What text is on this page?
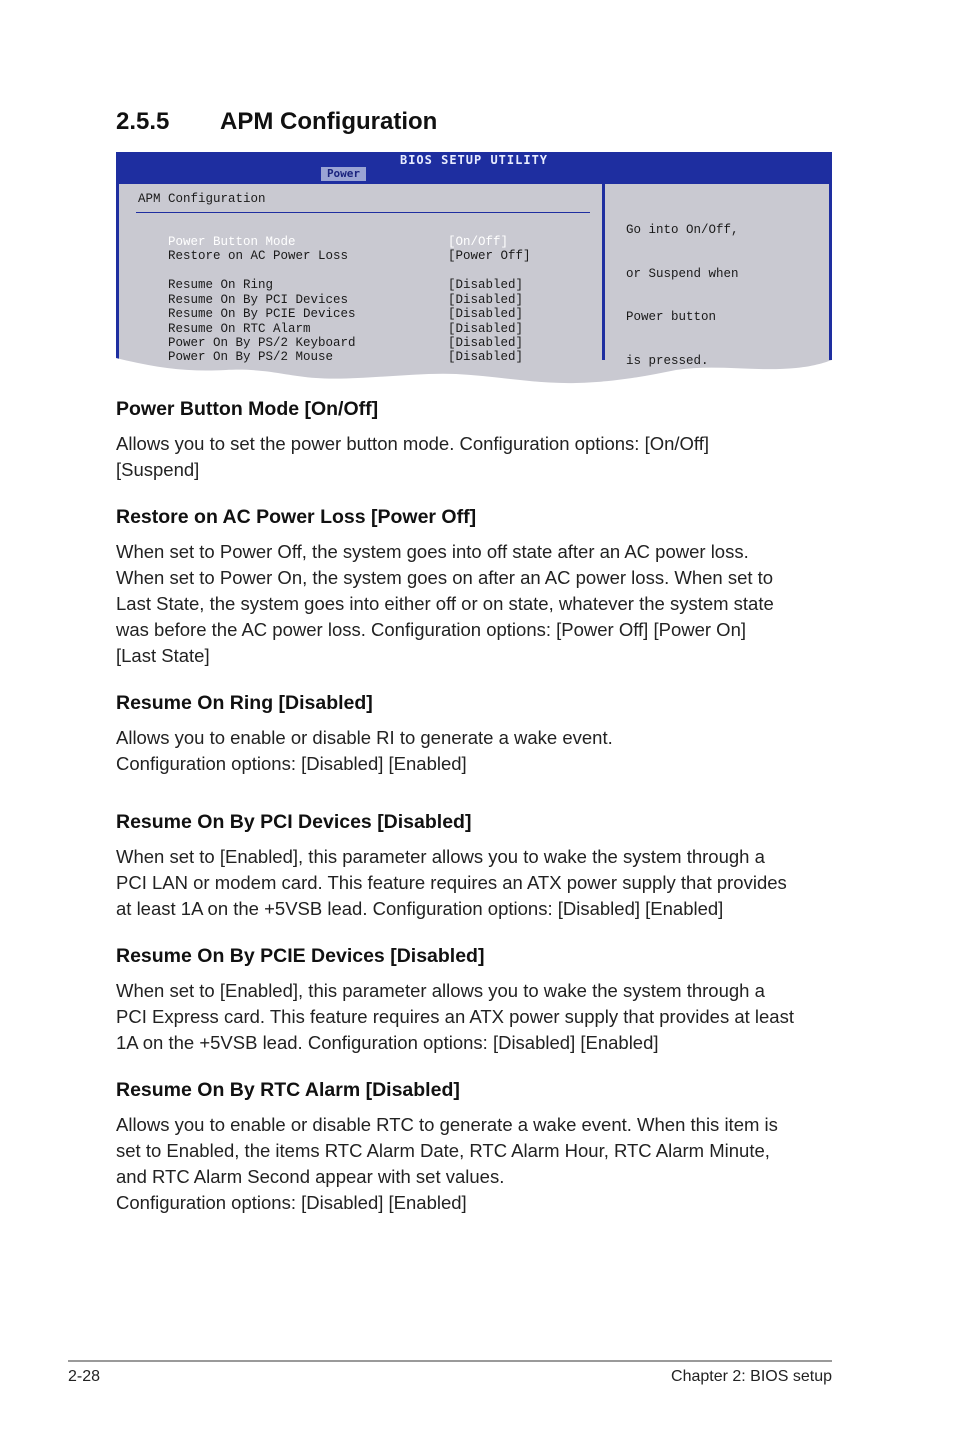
2.5.5 APM Configuration
BIOS SETUP UTILITY
Power
APM Configuration

Power Button Mode	[On/Off]

Restore on AC Power Loss	[Power Off]

Resume On Ring	[Disabled]

Resume On By PCI Devices	[Disabled]

Resume On By PCIE Devices	[Disabled]

Resume On RTC Alarm	[Disabled]

Power On By PS/2 Keyboard	[Disabled]

Power On By PS/2 Mouse	[Disabled]

Go into On/Off,

or Suspend when

Power button

is pressed.

Power Button Mode [On/Off]
Allows you to set the power button mode. Configuration options: [On/Off]
[Suspend]
Restore on AC Power Loss [Power Off]
When set to Power Off, the system goes into off state after an AC power loss.
When set to Power On, the system goes on after an AC power loss. When set to
Last State, the system goes into either off or on state, whatever the system state
was before the AC power loss. Configuration options: [Power Off] [Power On]
[Last State]
Resume On Ring [Disabled]
Allows you to enable or disable RI to generate a wake event.
Configuration options: [Disabled] [Enabled]
Resume On By PCI Devices [Disabled]
When set to [Enabled], this parameter allows you to wake the system through a
PCI LAN or modem card. This feature requires an ATX power supply that provides
at least 1A on the +5VSB lead. Configuration options: [Disabled] [Enabled]
Resume On By PCIE Devices [Disabled]
When set to [Enabled], this parameter allows you to wake the system through a
PCI Express card. This feature requires an ATX power supply that provides at least
1A on the +5VSB lead. Configuration options: [Disabled] [Enabled]
Resume On By RTC Alarm [Disabled]
Allows you to enable or disable RTC to generate a wake event. When this item is
set to Enabled, the items RTC Alarm Date, RTC Alarm Hour, RTC Alarm Minute,
and RTC Alarm Second appear with set values.
Configuration options: [Disabled] [Enabled]
2-28	Chapter 2: BIOS setup
